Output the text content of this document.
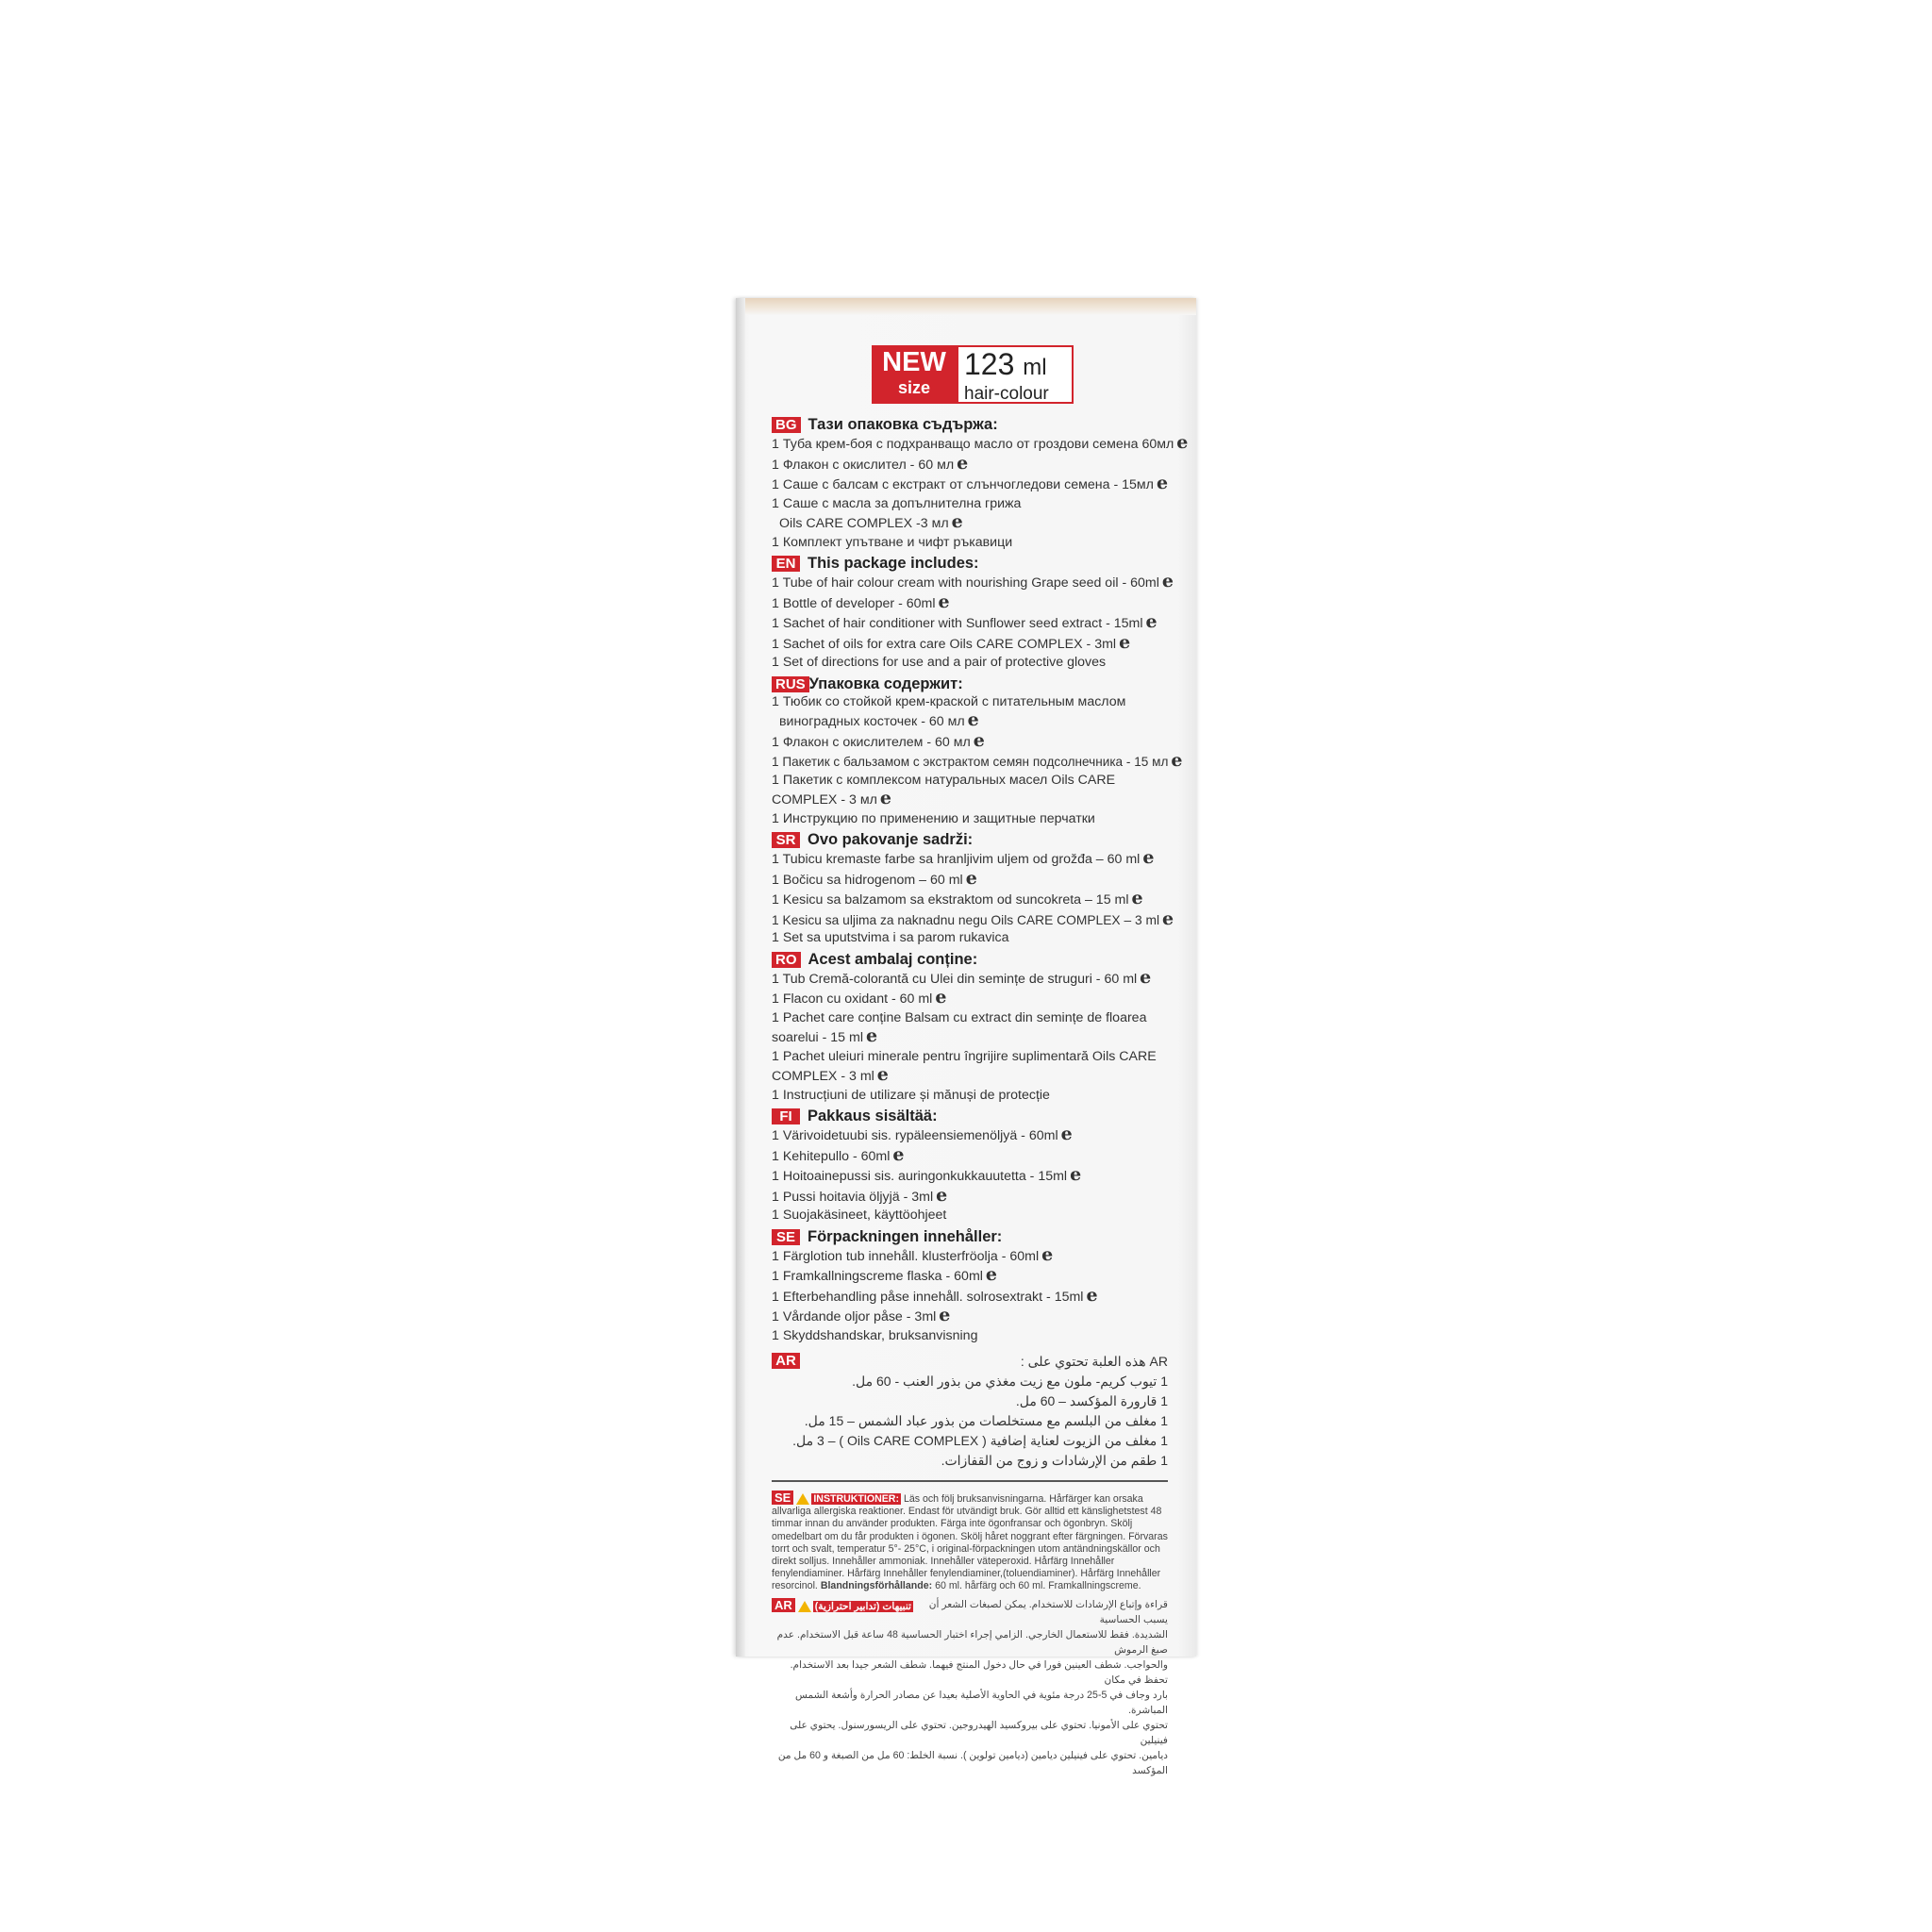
NEW
size
123 ml
hair-colour
BG Тази опаковка съдържа:
1 Туба крем-боя с подхранващо масло от гроздови семена 60мл e
1 Флакон с окислител - 60 мл e
1 Саше с балсам с екстракт от слънчогледови семена - 15мл e
1 Саше с масла за допълнителна грижа
Oils CARE COMPLEX -3 мл e
1 Комплект упътване и чифт ръкавици
EN This package includes:
1 Tube of hair colour cream with nourishing Grape seed oil - 60ml e
1 Bottle of developer - 60ml e
1 Sachet of hair conditioner with Sunflower seed extract - 15ml e
1 Sachet of oils for extra care Oils CARE COMPLEX - 3ml e
1 Set of directions for use and a pair of protective gloves
RUS Упаковка содержит:
1 Тюбик со стойкой крем-краской с питательным маслом
виноградных косточек - 60 мл e
1 Флакон с окислителем - 60 мл e
1 Пакетик с бальзамом с экстрактом семян подсолнечника - 15 мл e
1 Пакетик с комплексом натуральных масел Oils CARE
COMPLEX - 3 мл e
1 Инструкцию по применению и защитные перчатки
SR Ovo pakovanje sadrži:
1 Tubicu kremaste farbe sa hranljivim uljem od grožđa – 60 ml e
1 Bočicu sa hidrogenom – 60 ml e
1 Kesicu sa balzamom sa ekstraktom od suncokreta – 15 ml e
1 Kesicu sa uljima za naknadnu negu Oils CARE COMPLEX – 3 ml e
1 Set sa uputstvima i sa parom rukavica
RO Acest ambalaj conține:
1 Tub Cremă-colorantă cu Ulei din semințe de struguri - 60 ml e
1 Flacon cu oxidant - 60 ml e
1 Pachet care conține Balsam cu extract din semințe de floarea
soarelui - 15 ml e
1 Pachet uleiuri minerale pentru îngrijire suplimentară Oils CARE
COMPLEX - 3 ml e
1 Instrucțiuni de utilizare și mănuși de protecție
FI Pakkaus sisältää:
1 Värivoidetuubi sis. rypäleensiemenöljyä - 60ml e
1 Kehitepullo - 60ml e
1 Hoitoainepussi sis. auringonkukkauutetta - 15ml e
1 Pussi hoitavia öljyjä - 3ml e
1 Suojakäsineet, käyttöohjeet
SE Förpackningen innehåller:
1 Färglotion tub innehåll. klusterfröolja - 60ml e
1 Framkallningscreme flaska - 60ml e
1 Efterbehandling påse innehåll. solrosextrakt - 15ml e
1 Vårdande oljor påse - 3ml e
1 Skyddshandskar, bruksanvisning
AR	AR هذه العلبة تحتوي على :
1 تيوب كريم- ملون مع زيت مغذي من بذور العنب - 60 مل.
1 قارورة المؤكسد – 60 مل.
1 مغلف من البلسم مع مستخلصات من بذور عباد الشمس – 15 مل.
1 مغلف من الزيوت لعناية إضافية ( Oils CARE COMPLEX ) – 3 مل.
1 طقم من الإرشادات و زوج من القفازات.
SE INSTRUKTIONER: Läs och följ bruksanvisningarna. Hårfärger kan orsaka allvarliga allergiska reaktioner. Endast för utvändigt bruk. Gör alltid ett känslighetstest 48 timmar innan du använder produkten. Färga inte ögonfransar och ögonbryn. Skölj omedelbart om du får produkten i ögonen. Skölj håret noggrant efter färgningen. Förvaras torrt och svalt, temperatur 5°- 25°C, i original-förpackningen utom antändningskällor och direkt solljus. Innehåller ammoniak. Innehåller väteperoxid. Hårfärg Innehåller fenylendiaminer. Hårfärg Innehåller fenylendiaminer,(toluendiaminer). Hårfärg Innehåller resorcinol. Blandningsförhållande: 60 ml. hårfärg och 60 ml. Framkallningscreme.
AR تنبيهات (تدابير احترازية) قراءة وإتباع الإرشادات للاستخدام. يمكن لصبغات الشعر أن يسبب الحساسية
الشديدة. فقط للاستعمال الخارجي. الزامي إجراء اختبار الحساسية 48 ساعة قبل الاستخدام. عدم صبغ الرموش
والحواجب. شطف العينين فورا في حال دخول المنتج فيهما. شطف الشعر جيدا بعد الاستخدام. تحفظ في مكان
بارد وجاف في 5-25 درجة مئوية في الحاوية الأصلية بعيدا عن مصادر الحرارة وأشعة الشمس المباشرة.
تحتوي على الأمونيا. تحتوي على بيروكسيد الهيدروجين. تحتوي على الريسورسنول. يحتوي على فينيلين
ديامين. تحتوي على فينيلين ديامين (ديامين تولوين ). نسبة الخلط: 60 مل من الصبغة و 60 مل من المؤكسد
